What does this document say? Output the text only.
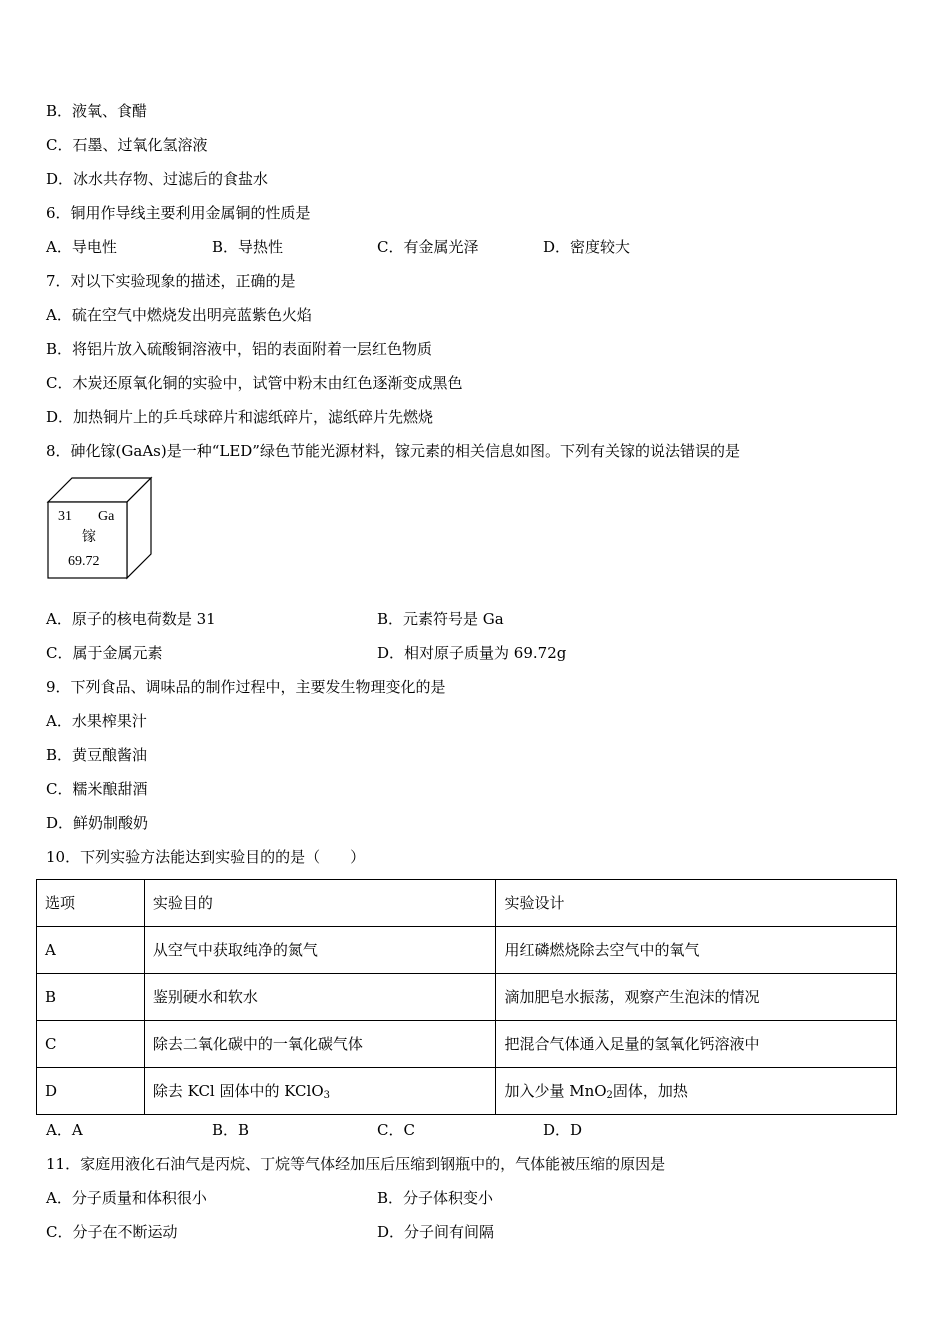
B．液氧、食醋
C．石墨、过氧化氢溶液
D．冰水共存物、过滤后的食盐水
6．铜用作导线主要利用金属铜的性质是
A．导电性	B．导热性	C．有金属光泽	D．密度较大
7．对以下实验现象的描述，正确的是
A．硫在空气中燃烧发出明亮蓝紫色火焰
B．将铝片放入硫酸铜溶液中，铝的表面附着一层红色物质
C．木炭还原氧化铜的实验中，试管中粉末由红色逐渐变成黑色
D．加热铜片上的乒乓球碎片和滤纸碎片，滤纸碎片先燃烧
8．砷化镓(GaAs)是一种“LED”绿色节能光源材料，镓元素的相关信息如图。下列有关镓的说法错误的是
31 Ga
镓
69.72
A．原子的核电荷数是 31	B．元素符号是 Ga
C．属于金属元素	D．相对原子质量为 69.72g
9．下列食品、调味品的制作过程中，主要发生物理变化的是
A．水果榨果汁
B．黄豆酿酱油
C．糯米酿甜酒
D．鲜奶制酸奶
10．下列实验方法能达到实验目的的是（　　）
选项	实验目的	实验设计
A	从空气中获取纯净的氮气	用红磷燃烧除去空气中的氧气
B	鉴别硬水和软水	滴加肥皂水振荡，观察产生泡沫的情况
C	除去二氧化碳中的一氧化碳气体	把混合气体通入足量的氢氧化钙溶液中
D	除去 KCl 固体中的 KClO$_3$	加入少量 MnO$_2$固体，加热
A．A	B．B	C．C	D．D
11．家庭用液化石油气是丙烷、丁烷等气体经加压后压缩到钢瓶中的，气体能被压缩的原因是
A．分子质量和体积很小	B．分子体积变小
C．分子在不断运动	D．分子间有间隔
